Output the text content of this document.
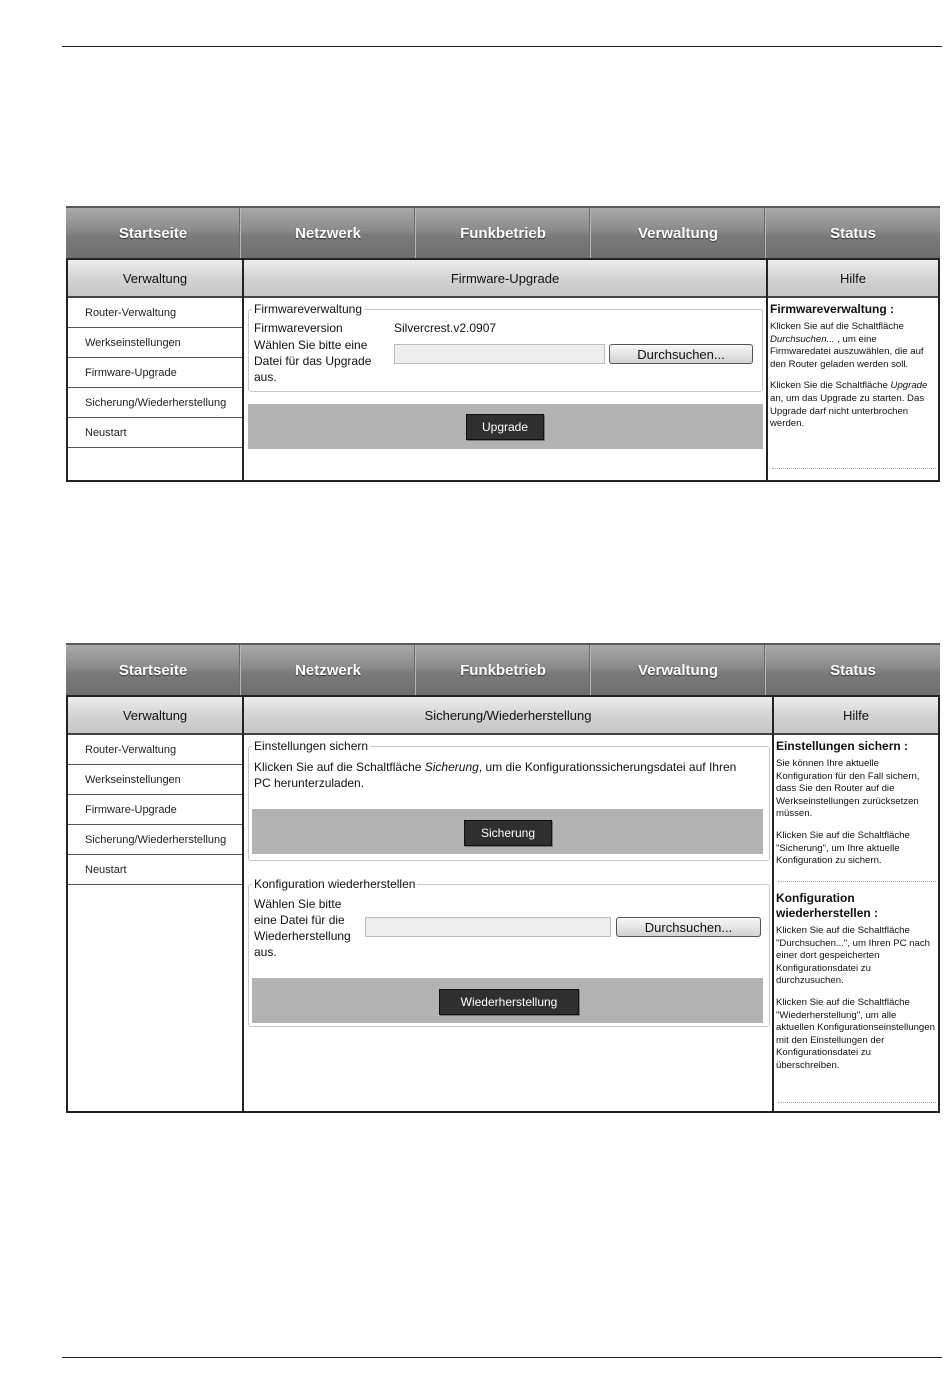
Startseite	Netzwerk	Funkbetrieb	Verwaltung	Status
Verwaltung
Router-Verwaltung
Werkseinstellungen
Firmware-Upgrade
Sicherung/Wiederherstellung
Neustart
Firmware-Upgrade
Firmwareverwaltung
Firmwareversion	Silvercrest.v2.0907
Wählen Sie bitte eine Datei für das Upgrade aus.
Durchsuchen...
Upgrade
Hilfe
Firmwareverwaltung :

Klicken Sie auf die Schaltfläche Durchsuchen... , um eine Firmwaredatei auszuwählen, die auf den Router geladen werden soll.

Klicken Sie die Schaltfläche Upgrade an, um das Upgrade zu starten. Das Upgrade darf nicht unterbrochen werden.

Startseite	Netzwerk	Funkbetrieb	Verwaltung	Status
Verwaltung
Router-Verwaltung
Werkseinstellungen
Firmware-Upgrade
Sicherung/Wiederherstellung
Neustart
Sicherung/Wiederherstellung
Einstellungen sichern
Klicken Sie auf die Schaltfläche Sicherung, um die Konfigurationssicherungsdatei auf Ihren PC herunterzuladen.
Sicherung
Konfiguration wiederherstellen
Wählen Sie bitte eine Datei für die Wiederherstellung aus.
Durchsuchen...
Wiederherstellung
Hilfe
Einstellungen sichern :

Sie können Ihre aktuelle Konfiguration für den Fall sichern, dass Sie den Router auf die Werkseinstellungen zurücksetzen müssen.

Klicken Sie auf die Schaltfläche "Sicherung", um Ihre aktuelle Konfiguration zu sichern.

Konfiguration wiederherstellen :

Klicken Sie auf die Schaltfläche "Durchsuchen...", um Ihren PC nach einer dort gespeicherten Konfigurationsdatei zu durchzusuchen.

Klicken Sie auf die Schaltfläche "Wiederherstellung", um alle aktuellen Konfigurationseinstellungen mit den Einstellungen der Konfigurationsdatei zu überschreiben.
